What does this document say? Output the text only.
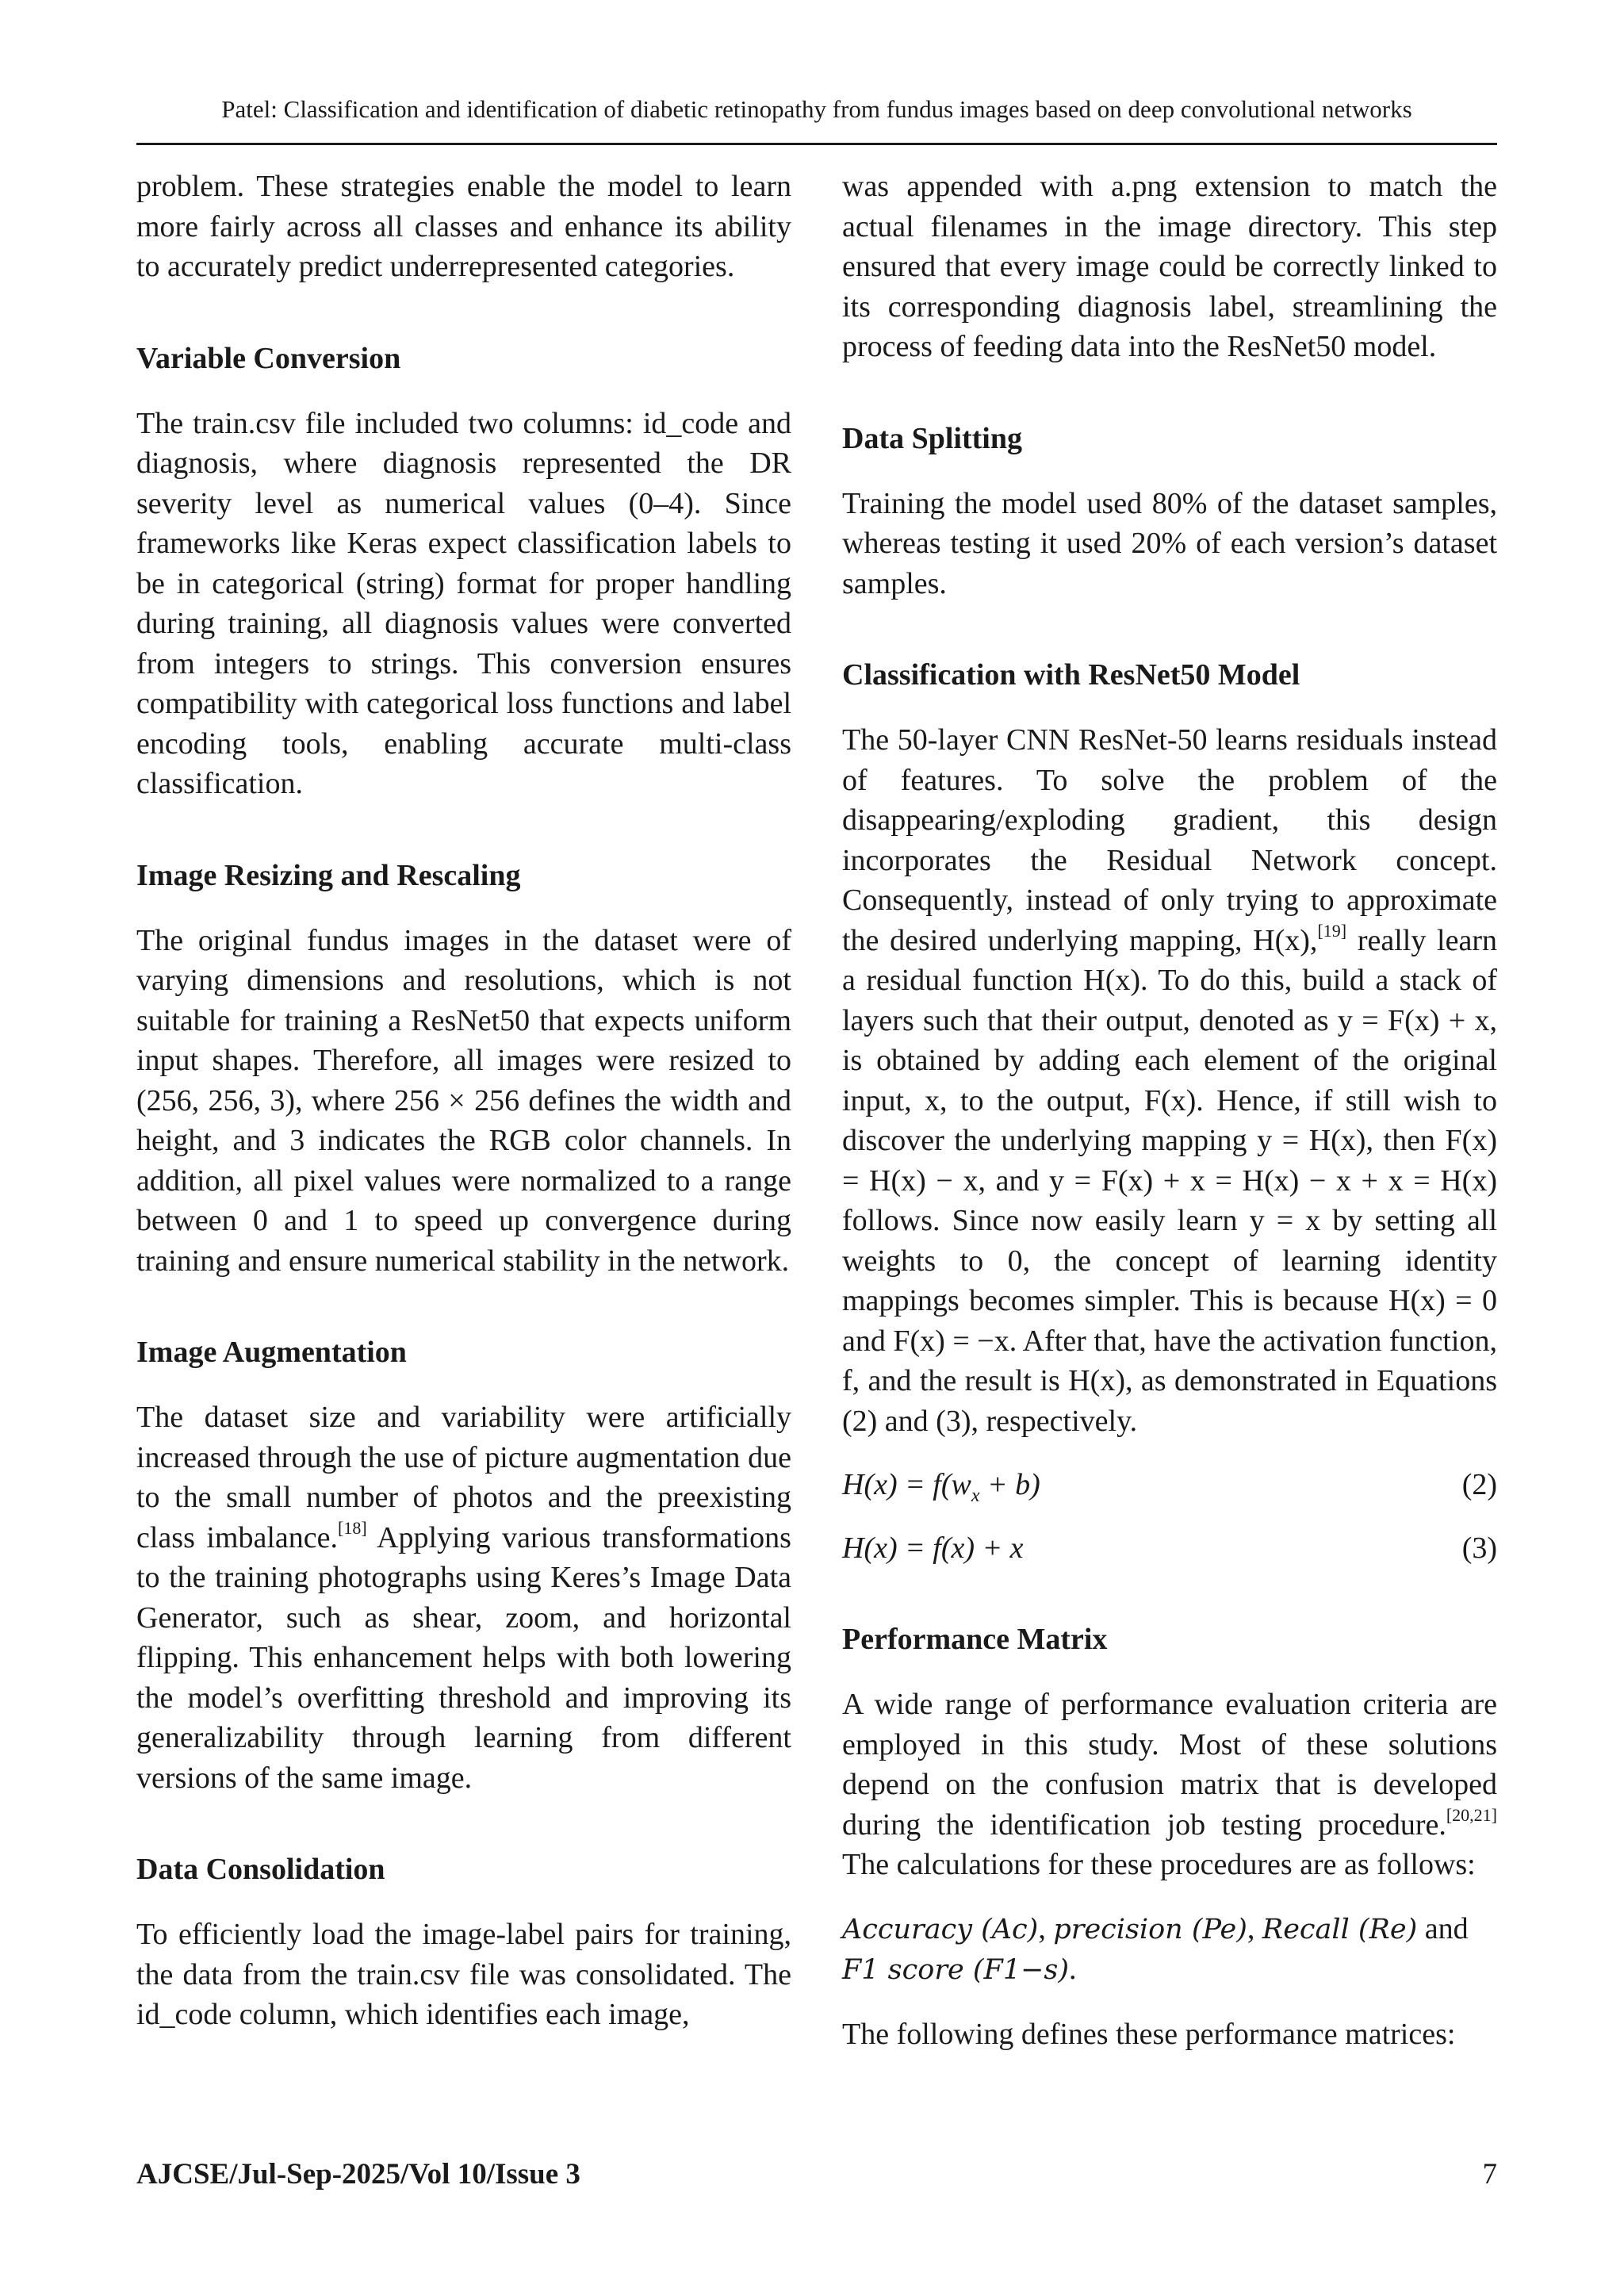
Patel: Classification and identification of diabetic retinopathy from fundus images based on deep convolutional networks

problem. These strategies enable the model to learn more fairly across all classes and enhance its ability to accurately predict underrepresented categories.

Variable Conversion

The train.csv file included two columns: id_code and diagnosis, where diagnosis represented the DR severity level as numerical values (0–4). Since frameworks like Keras expect classification labels to be in categorical (string) format for proper handling during training, all diagnosis values were converted from integers to strings. This conversion ensures compatibility with categorical loss functions and label encoding tools, enabling accurate multi-class classification.

Image Resizing and Rescaling

The original fundus images in the dataset were of varying dimensions and resolutions, which is not suitable for training a ResNet50 that expects uniform input shapes. Therefore, all images were resized to (256, 256, 3), where 256 × 256 defines the width and height, and 3 indicates the RGB color channels. In addition, all pixel values were normalized to a range between 0 and 1 to speed up convergence during training and ensure numerical stability in the network.

Image Augmentation

The dataset size and variability were artificially increased through the use of picture augmentation due to the small number of photos and the preexisting class imbalance.[18] Applying various transformations to the training photographs using Keres’s Image Data Generator, such as shear, zoom, and horizontal flipping. This enhancement helps with both lowering the model’s overfitting threshold and improving its generalizability through learning from different versions of the same image.

Data Consolidation

To efficiently load the image-label pairs for training, the data from the train.csv file was consolidated. The id_code column, which identifies each image,

was appended with a.png extension to match the actual filenames in the image directory. This step ensured that every image could be correctly linked to its corresponding diagnosis label, streamlining the process of feeding data into the ResNet50 model.

Data Splitting

Training the model used 80% of the dataset samples, whereas testing it used 20% of each version’s dataset samples.

Classification with ResNet50 Model

The 50-layer CNN ResNet-50 learns residuals instead of features. To solve the problem of the disappearing/exploding gradient, this design incorporates the Residual Network concept. Consequently, instead of only trying to approximate the desired underlying mapping, H(x),[19] really learn a residual function H(x). To do this, build a stack of layers such that their output, denoted as y = F(x) + x, is obtained by adding each element of the original input, x, to the output, F(x). Hence, if still wish to discover the underlying mapping y = H(x), then F(x) = H(x) − x, and y = F(x) + x = H(x) − x + x = H(x) follows. Since now easily learn y = x by setting all weights to 0, the concept of learning identity mappings becomes simpler. This is because H(x) = 0 and F(x) = −x. After that, have the activation function, f, and the result is H(x), as demonstrated in Equations (2) and (3), respectively.

$H(x) = f(w_x + b)$	(2)
H(x) = f(x) + x	(3)
Performance Matrix

A wide range of performance evaluation criteria are employed in this study. Most of these solutions depend on the confusion matrix that is developed during the identification job testing procedure.[20,21] The calculations for these procedures are as follows:

Accuracy (Ac), precision (Pe), Recall (Re) and F1 score (F1−s).

The following defines these performance matrices:

AJCSE/Jul-Sep-2025/Vol 10/Issue 3	7
